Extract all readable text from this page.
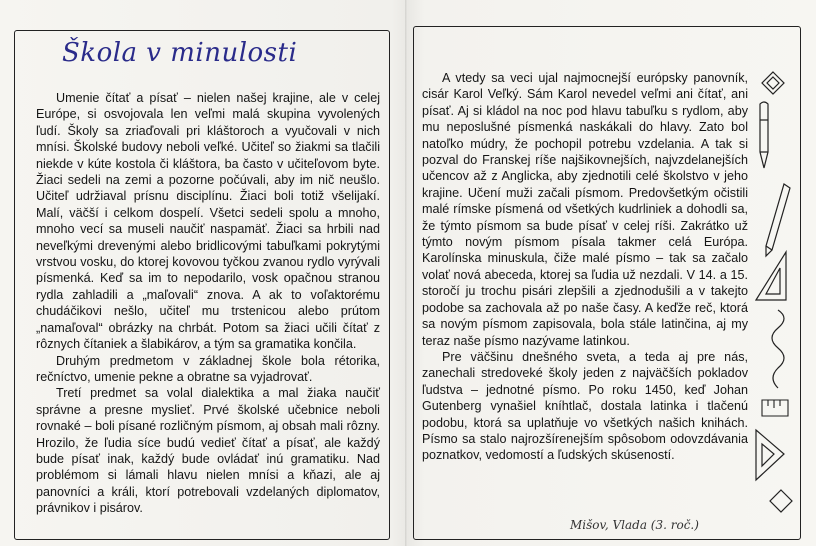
Škola v minulosti

Umenie čítať a písať – nielen našej krajine, ale v celej Európe, si osvojovala len veľmi malá skupina vyvolených ľudí. Školy sa zriaďovali pri kláštoroch a vyučovali v nich mnísi. Školské budovy neboli veľké. Učiteľ so žiakmi sa tlačili niekde v kúte kostola či kláštora, ba často v učiteľovom byte. Žiaci sedeli na zemi a pozorne počúvali, aby im nič neušlo. Učiteľ udržiaval prísnu disciplínu. Žiaci boli totiž všelijakí. Malí, väčší i celkom dospelí. Všetci sedeli spolu a mnoho, mnoho vecí sa museli naučiť naspamäť. Žiaci sa hrbili nad neveľkými drevenými alebo bridlicovými tabuľkami pokrytými vrstvou vosku, do ktorej kovovou tyčkou zvanou rydlo vyrývali písmenká. Keď sa im to nepodarilo, vosk opačnou stranou rydla zahladili a „maľovali“ znova. A ak to voľaktorému chudáčikovi nešlo, učiteľ mu trstenicou alebo prútom „namaľoval“ obrázky na chrbát. Potom sa žiaci učili čítať z rôznych čítaniek a šlabikárov, a tým sa gramatika končila.

Druhým predmetom v základnej škole bola rétorika, rečníctvo, umenie pekne a obratne sa vyjadrovať.

Tretí predmet sa volal dialektika a mal žiaka naučiť správne a presne myslieť. Prvé školské učebnice neboli rovnaké – boli písané rozličným písmom, aj obsah mali rôzny. Hrozilo, že ľudia síce budú vedieť čítať a písať, ale každý bude písať inak, každý bude ovládať inú gramatiku. Nad problémom si lámali hlavu nielen mnísi a kňazi, ale aj panovníci a králi, ktorí potrebovali vzdelaných diplomatov, právnikov i pisárov.

A vtedy sa veci ujal najmocnejší európsky panovník, cisár Karol Veľký. Sám Karol nevedel veľmi ani čítať, ani písať. Aj si kládol na noc pod hlavu tabuľku s rydlom, aby mu neposlušné písmenká naskákali do hlavy. Zato bol natoľko múdry, že pochopil potrebu vzdelania. A tak si pozval do Franskej ríše najšikovnejších, najvzdelanejších učencov až z Anglicka, aby zjednotili celé školstvo v jeho krajine. Učení muži začali písmom. Predovšetkým očistili malé rímske písmená od všetkých kudrliniek a dohodli sa, že týmto písmom sa bude písať v celej ríši. Zakrátko už týmto novým písmom písala takmer celá Európa. Karolínska minuskula, čiže malé písmo – tak sa začalo volať nová abeceda, ktorej sa ľudia už nezdali. V 14. a 15. storočí ju trochu pisári zlepšili a zjednodušili a v takejto podobe sa zachovala až po naše časy. A keďže reč, ktorá sa novým písmom zapisovala, bola stále latinčina, aj my teraz naše písmo nazývame latinkou.

Pre väčšinu dnešného sveta, a teda aj pre nás, zanechali stredoveké školy jeden z najväčších pokladov ľudstva – jednotné písmo. Po roku 1450, keď Johan Gutenberg vynašiel kníhtlač, dostala latinka i tlačenú podobu, ktorá sa uplatňuje vo všetkých našich knihách. Písmo sa stalo najrozšírenejším spôsobom odovzdávania poznatkov, vedomostí a ľudských skúseností.

Mišov, Vlada (3. roč.)
